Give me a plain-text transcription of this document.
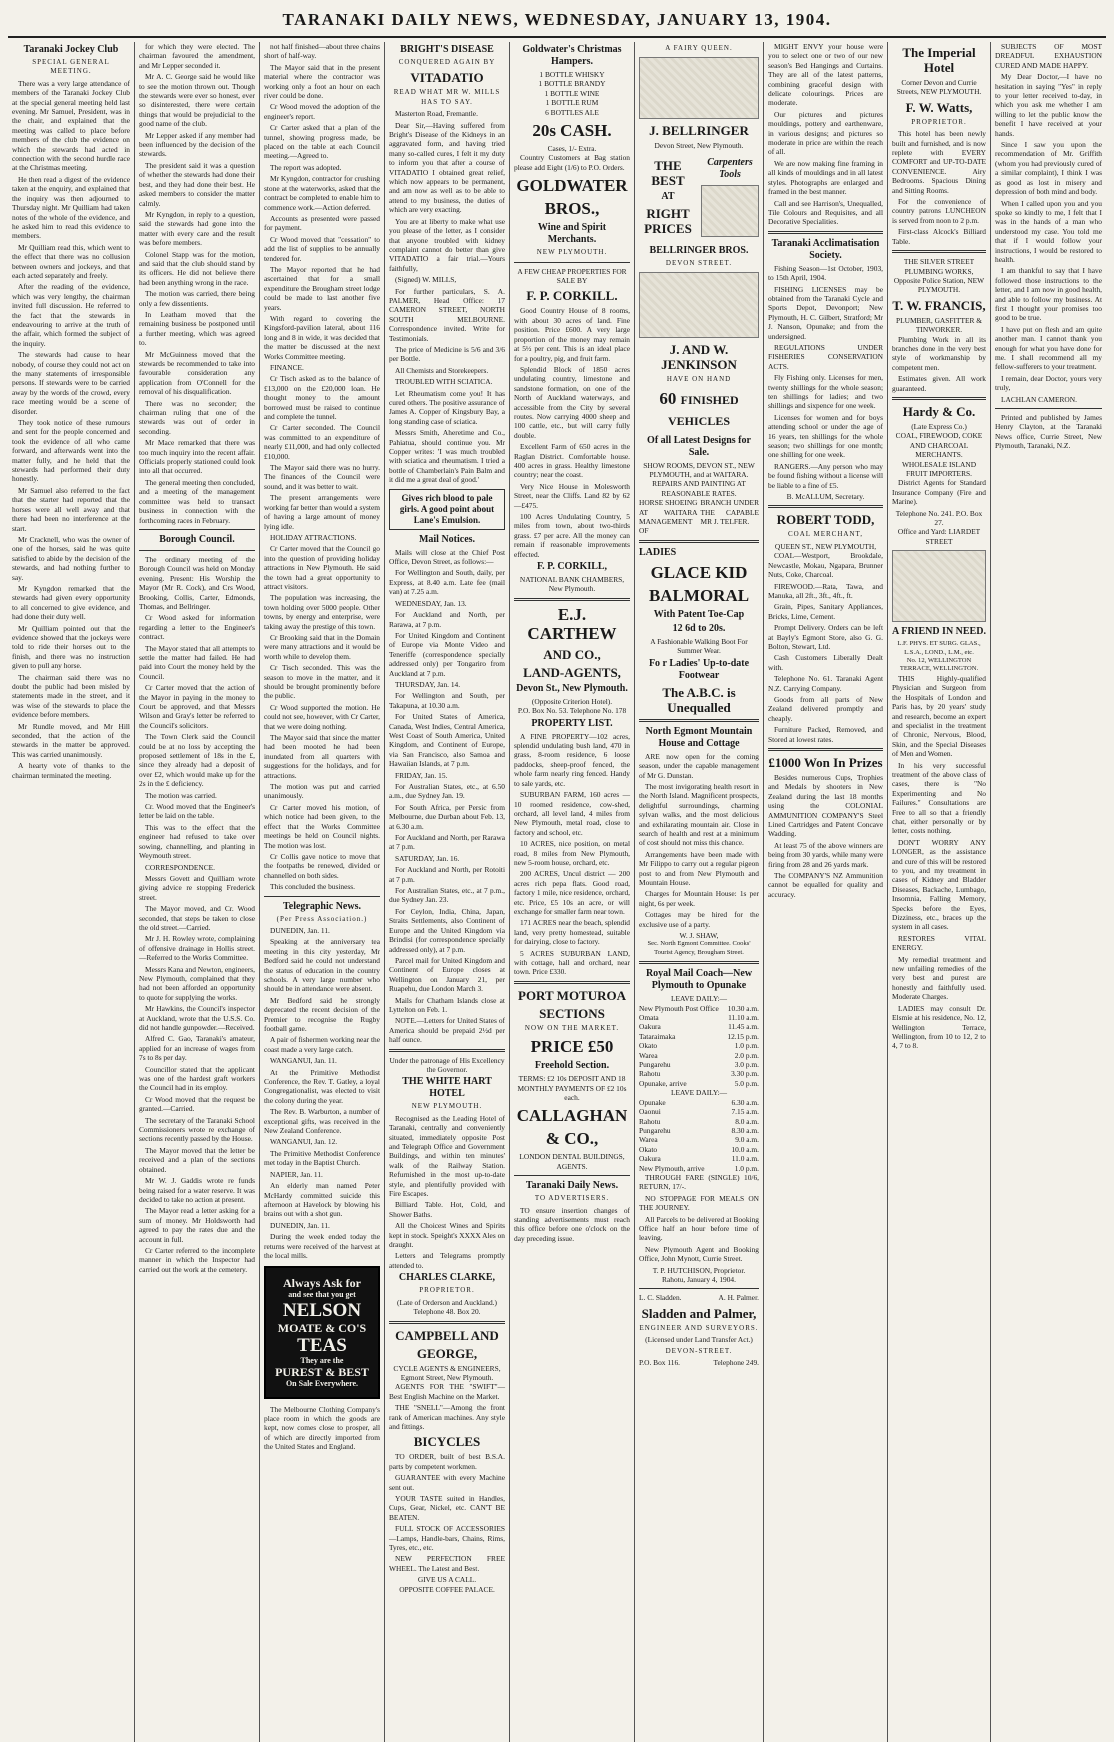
TARANAKI DAILY NEWS, WEDNESDAY, JANUARY 13, 1904.
Taranaki Jockey Club
SPECIAL GENERAL MEETING.

There was a very large attendance of members of the Taranaki Jockey Club at the special general meeting held last evening. Mr Samuel, President, was in the chair, and explained that the meeting was called to place before members of the club the evidence on which the stewards had acted in connection with the second hurdle race at the Christmas meeting.

He then read a digest of the evidence taken at the enquiry, and explained that the inquiry was then adjourned to Thursday night. Mr Quilliam had taken notes of the whole of the evidence, and he asked him to read this evidence to members.

Mr Quilliam read this, which went to the effect that there was no collusion between owners and jockeys, and that each acted separately and freely.

After the reading of the evidence, which was very lengthy, the chairman invited full discussion. He referred to the fact that the stewards in endeavouring to arrive at the truth of the affair, which formed the subject of the inquiry.

The stewards had cause to hear nobody, of course they could not act on the many statements of irresponsible persons. If stewards were to be carried away by the words of the crowd, every race meeting would be a scene of disorder.

They took notice of these rumours and sent for the people concerned and took the evidence of all who came forward, and afterwards went into the matter fully, and he held that the stewards had performed their duty honestly.

Mr Samuel also referred to the fact that the starter had reported that the horses were all well away and that there had been no interference at the start.

Mr Cracknell, who was the owner of one of the horses, said he was quite satisfied to abide by the decision of the stewards, and had nothing further to say.

Mr Kyngdon remarked that the stewards had given every opportunity to all concerned to give evidence, and had done their duty well.

Mr Quilliam pointed out that the evidence showed that the jockeys were told to ride their horses out to the finish, and there was no instruction given to pull any horse.

The chairman said there was no doubt the public had been misled by statements made in the street, and it was wise of the stewards to place the evidence before members.

Mr Rundle moved, and Mr Hill seconded, that the action of the stewards in the matter be approved. This was carried unanimously.

A hearty vote of thanks to the chairman terminated the meeting.

for which they were elected. The chairman favoured the amendment, and Mr Lepper seconded it.

Mr A. C. George said he would like to see the motion thrown out. Though the stewards were ever so honest, ever so disinterested, there were certain things that would be prejudicial to the good name of the club.

Mr Lepper asked if any member had been influenced by the decision of the stewards.

The president said it was a question of whether the stewards had done their best, and they had done their best. He asked members to consider the matter calmly.

Mr Kyngdon, in reply to a question, said the stewards had gone into the matter with every care and the result was before members.

Colonel Stapp was for the motion, and said that the club should stand by its officers. He did not believe there had been anything wrong in the race.

The motion was carried, there being only a few dissentients.

In Leatham moved that the remaining business be postponed until a further meeting, which was agreed to.

Mr McGuinness moved that the stewards be recommended to take into favourable consideration any application from O'Connell for the removal of his disqualification.

There was no seconder; the chairman ruling that one of the stewards was out of order in seconding.

Mr Mace remarked that there was too much inquiry into the recent affair. Officials properly stationed could look into all that occurred.

The general meeting then concluded, and a meeting of the management committee was held to transact business in connection with the forthcoming races in February.

Borough Council.

The ordinary meeting of the Borough Council was held on Monday evening. Present: His Worship the Mayor (Mr R. Cock), and Crs Wood, Brooking, Collis, Carter, Edmonds, Thomas, and Bellringer.

Cr Wood asked for information regarding a letter to the Engineer's contract.

The Mayor stated that all attempts to settle the matter had failed. He had paid into Court the money held by the Council.

Cr Carter moved that the action of the Mayor in paying in the money to Court be approved, and that Messrs Wilson and Gray's letter be referred to the Council's solicitors.

The Town Clerk said the Council could be at no loss by accepting the proposed settlement of 18s in the £, since they already had a deposit of over £2, which would make up for the 2s in the £ deficiency.

The motion was carried.

Cr. Wood moved that the Engineer's letter be laid on the table.

This was to the effect that the engineer had refused to take over sowing, channelling, and planting in Weymouth street.

CORRESPONDENCE.

Messrs Govett and Quilliam wrote giving advice re stopping Frederick street.

The Mayor moved, and Cr. Wood seconded, that steps be taken to close the old street.—Carried.

Mr J. H. Rowley wrote, complaining of offensive drainage in Hollis street.—Referred to the Works Committee.

Messrs Kana and Newton, engineers, New Plymouth, complained that they had not been afforded an opportunity to quote for supplying the works.

Mr Hawkins, the Council's inspector at Auckland, wrote that the U.S.S. Co. did not handle gunpowder.—Received.

Alfred C. Gao, Taranaki's amateur, applied for an increase of wages from 7s to 8s per day.

Councillor stated that the applicant was one of the hardest graft workers the Council had in its employ.

Cr Wood moved that the request be granted.—Carried.

The secretary of the Taranaki School Commissioners wrote re exchange of sections recently passed by the House.

The Mayor moved that the letter be received and a plan of the sections obtained.

Mr W. J. Gaddis wrote re funds being raised for a water reserve. It was decided to take no action at present.

The Mayor read a letter asking for a sum of money. Mr Holdsworth had agreed to pay the rates due and the account in full.

Cr Carter referred to the incomplete manner in which the Inspector had carried out the work at the cemetery.

not half finished—about three chains short of half-way.

The Mayor said that in the present material where the contractor was working only a foot an hour on each river could be done.

Cr Wood moved the adoption of the engineer's report.

Cr Carter asked that a plan of the tunnel, showing progress made, be placed on the table at each Council meeting.—Agreed to.

The report was adopted.

Mr Kyngdon, contractor for crushing stone at the waterworks, asked that the contract be completed to enable him to commence work.—Action deferred.

Accounts as presented were passed for payment.

Cr Wood moved that "cessation" to add the list of supplies to be annually tendered for.

The Mayor reported that he had ascertained that for a small expenditure the Brougham street lodge could be made to last another five years.

With regard to covering the Kingsford-pavilion lateral, about 116 long and 8 in wide, it was decided that the matter be discussed at the next Works Committee meeting.

FINANCE.

Cr Tisch asked as to the balance of £13,000 on the £20,000 loan. He thought money to the amount borrowed must be raised to continue and complete the tunnel.

Cr Carter seconded. The Council was committed to an expenditure of nearly £11,000, and had only collected £10,000.

The Mayor said there was no hurry. The finances of the Council were sound, and it was better to wait.

The present arrangements were working far better than would a system of having a large amount of money lying idle.

HOLIDAY ATTRACTIONS.

Cr Carter moved that the Council go into the question of providing holiday attractions in New Plymouth. He said the town had a great opportunity to attract visitors.

The population was increasing, the town holding over 5000 people. Other towns, by energy and enterprise, were taking away the prestige of this town.

Cr Brooking said that in the Domain were many attractions and it would be worth while to develop them.

Cr Tisch seconded. This was the season to move in the matter, and it should be brought prominently before the public.

Cr Wood supported the motion. He could not see, however, with Cr Carter, that we were doing nothing.

The Mayor said that since the matter had been mooted he had been inundated from all quarters with suggestions for the holidays, and for attractions.

The motion was put and carried unanimously.

Cr Carter moved his motion, of which notice had been given, to the effect that the Works Committee meetings be held on Council nights. The motion was lost.

Cr Collis gave notice to move that the footpaths be renewed, divided or channelled on both sides.

This concluded the business.

Telegraphic News.
(Per Press Association.)

DUNEDIN, Jan. 11.

Speaking at the anniversary tea meeting in this city yesterday, Mr Bedford said he could not understand the status of education in the country schools. A very large number who should be in attendance were absent.

Mr Bedford said he strongly deprecated the recent decision of the Premier to recognise the Rugby football game.

A pair of fishermen working near the coast made a very large catch.

WANGANUI, Jan. 11.

At the Primitive Methodist Conference, the Rev. T. Gatley, a loyal Congregationalist, was elected to visit the colony during the year.

The Rev. B. Warburton, a number of exceptional gifts, was received in the New Zealand Conference.

WANGANUI, Jan. 12.

The Primitive Methodist Conference met today in the Baptist Church.

NAPIER, Jan. 11.

An elderly man named Peter McHardy committed suicide this afternoon at Havelock by blowing his brains out with a shot gun.

DUNEDIN, Jan. 11.

During the week ended today the returns were received of the harvest at the local mills.

Always Ask for
and see that you get
NELSON
MOATE & CO'S
TEAS
They are the
PUREST & BEST
On Sale Everywhere.

The Melbourne Clothing Company's place room in which the goods are kept, now comes close to prosper, all of which are directly imported from the United States and England.

BRIGHT'S DISEASE
CONQUERED AGAIN BY
VITADATIO
READ WHAT MR W. MILLS HAS TO SAY.

Masterton Road, Fremantle.

Dear Sir,—Having suffered from Bright's Disease of the Kidneys in an aggravated form, and having tried many so-called cures, I felt it my duty to inform you that after a course of VITADATIO I obtained great relief, which now appears to be permanent, and am now as well as to be able to attend to my business, the duties of which are very exacting.

You are at liberty to make what use you please of the letter, as I consider that anyone troubled with kidney complaint cannot do better than give VITADATIO a fair trial.—Yours faithfully,

(Signed) W. MILLS,

For further particulars, S. A. PALMER, Head Office: 17 CAMERON STREET, NORTH SOUTH MELBOURNE. Correspondence invited. Write for Testimonials.

The price of Medicine is 5/6 and 3/6 per Bottle.

All Chemists and Storekeepers.

TROUBLED WITH SCIATICA.

Let Rheumatism come you! It has cured others. The positive assurance of James A. Copper of Kingsbury Bay, a long standing case of sciatica.

Messrs Smith, Aheretime and Co., Pahiatua, should continue you. Mr Copper writes: 'I was much troubled with sciatica and rheumatism. I tried a bottle of Chamberlain's Pain Balm and it did me a great deal of good.'

Gives rich blood to pale girls. A good point about Lane's Emulsion.
Mail Notices.

Mails will close at the Chief Post Office, Devon Street, as follows:—

For Wellington and South, daily, per Express, at 8.40 a.m. Late fee (mail van) at 7.25 a.m.

WEDNESDAY, Jan. 13.

For Auckland and North, per Rarawa, at 7 p.m.

For United Kingdom and Continent of Europe via Monte Video and Teneriffe (correspondence specially addressed only) per Tongariro from Auckland at 7 p.m.

THURSDAY, Jan. 14.

For Wellington and South, per Takapuna, at 10.30 a.m.

For United States of America, Canada, West Indies, Central America, West Coast of South America, United Kingdom, and Continent of Europe, via San Francisco, also Samoa and Hawaiian Islands, at 7 p.m.

FRIDAY, Jan. 15.

For Australian States, etc., at 6.50 a.m., due Sydney Jan. 19.

For South Africa, per Persic from Melbourne, due Durban about Feb. 13, at 6.30 a.m.

For Auckland and North, per Rarawa at 7 p.m.

SATURDAY, Jan. 16.

For Auckland and North, per Rotoiti at 7 p.m.

For Australian States, etc., at 7 p.m., due Sydney Jan. 23.

For Ceylon, India, China, Japan, Straits Settlements, also Continent of Europe and the United Kingdom via Brindisi (for correspondence specially addressed only), at 7 p.m.

Parcel mail for United Kingdom and Continent of Europe closes at Wellington on January 21, per Ruapehu, due London March 3.

Mails for Chatham Islands close at Lyttelton on Feb. 1.

NOTE.—Letters for United States of America should be prepaid 2½d per half ounce.

Under the patronage of His Excellency the Governor.
THE WHITE HART HOTEL
NEW PLYMOUTH.

Recognised as the Leading Hotel of Taranaki, centrally and conveniently situated, immediately opposite Post and Telegraph Office and Government Buildings, and within ten minutes' walk of the Railway Station. Refurnished in the most up-to-date style, and plentifully provided with Fire Escapes.

Billiard Table. Hot, Cold, and Shower Baths.

All the Choicest Wines and Spirits kept in stock. Speight's XXXX Ales on draught.

Letters and Telegrams promptly attended to.

CHARLES CLARKE,
PROPRIETOR.
(Late of Orderson and Auckland.)
Telephone 48. Box 20.
CAMPBELL AND
GEORGE,
CYCLE AGENTS & ENGINEERS, Egmont Street, New Plymouth.

AGENTS FOR THE "SWIFT"—Best English Machine on the Market.

THE "SNELL"—Among the front rank of American machines. Any style and fittings.

BICYCLES

TO ORDER, built of best B.S.A. parts by competent workmen.

GUARANTEE with every Machine sent out.

YOUR TASTE suited in Handles, Cups, Gear, Nickel, etc. CAN'T BE BEATEN.

FULL STOCK OF ACCESSORIES—Lamps, Handle-bars, Chains, Rims, Tyres, etc., etc.

NEW PERFECTION FREE WHEEL. The Latest and Best.

GIVE US A CALL.
OPPOSITE COFFEE PALACE.
Goldwater's Christmas Hampers.
1 BOTTLE WHISKY
1 BOTTLE BRANDY
1 BOTTLE WINE
1 BOTTLE RUM
6 BOTTLES ALE
20s CASH.
Cases, 1/- Extra.

Country Customers at Bag station please add Eight (1/6) to P.O. Orders.

GOLDWATER
BROS.,
Wine and Spirit Merchants.
NEW PLYMOUTH.
A FEW CHEAP PROPERTIES FOR SALE BY
F. P. CORKILL.

Good Country House of 8 rooms, with about 30 acres of land. Fine position. Price £600. A very large proportion of the money may remain at 5½ per cent. This is an ideal place for a poultry, pig, and fruit farm.

Splendid Block of 1850 acres undulating country, limestone and sandstone formation, on one of the North of Auckland waterways, and accessible from the City by several routes. Now carrying 4000 sheep and 100 cattle, etc., but will carry fully double.

Excellent Farm of 650 acres in the Raglan District. Comfortable house. 400 acres in grass. Healthy limestone country; near the coast.

Very Nice House in Molesworth Street, near the Cliffs. Land 82 by 62—£475.

100 Acres Undulating Country, 5 miles from town, about two-thirds grass. £7 per acre. All the money can remain if reasonable improvements effected.

F. P. CORKILL,
NATIONAL BANK CHAMBERS, New Plymouth.
E.J. CARTHEW
AND CO.,
LAND-AGENTS,
Devon St., New Plymouth.
(Opposite Criterion Hotel).
P.O. Box No. 53. Telephone No. 178
PROPERTY LIST.

A FINE PROPERTY—102 acres, splendid undulating bush land, 470 in grass, 8-room residence, 6 loose paddocks, sheep-proof fenced, the whole farm nearly ring fenced. Handy to sale yards, etc.

SUBURBAN FARM, 160 acres — 10 roomed residence, cow-shed, orchard, all level land, 4 miles from New Plymouth, metal road, close to factory and school, etc.

10 ACRES, nice position, on metal road, 8 miles from New Plymouth, new 5-room house, orchard, etc.

200 ACRES, Uncul district — 200 acres rich pepa flats. Good road, factory 1 mile, nice residence, orchard, etc. Price, £5 10s an acre, or will exchange for smaller farm near town.

171 ACRES near the beach, splendid land, very pretty homestead, suitable for dairying, close to factory.

5 ACRES SUBURBAN LAND, with cottage, hall and orchard, near town. Price £330.

PORT MOTUROA
SECTIONS
NOW ON THE MARKET.
PRICE £50
Freehold Section.
TERMS: £2 10s DEPOSIT AND 18 MONTHLY PAYMENTS OF £2 10s each.
CALLAGHAN
& CO.,
LONDON DENTAL BUILDINGS, AGENTS.
Taranaki Daily News.
TO ADVERTISERS.

TO ensure insertion changes of standing advertisements must reach this office before one o'clock on the day preceding issue.

A FAIRY QUEEN.
J. BELLRINGER
Devon Street, New Plymouth.
THE BEST
AT
RIGHT PRICES
Carpenters Tools
BELLRINGER BROS.
DEVON STREET.
J. AND W. JENKINSON
HAVE ON HAND
60 FINISHED VEHICLES
Of all Latest Designs for Sale.
SHOW ROOMS, DEVON ST., NEW PLYMOUTH, and at WAITARA.
REPAIRS AND PAINTING AT REASONABLE RATES.
HORSE SHOEING AT WAITARA MANAGEMENT OF
BRANCH UNDER THE CAPABLE MR J. TELFER.
LADIES
GLACE KID
BALMORAL
With Patent Toe-Cap
12 6d to 20s.
A Fashionable Walking Boot For Summer Wear.
Fo r Ladies' Up-to-date Footwear
The A.B.C. is Unequalled
North Egmont Mountain House and Cottage

ARE now open for the coming season, under the capable management of Mr G. Dunstan.

The most invigorating health resort in the North Island. Magnificent prospects, delightful surroundings, charming sylvan walks, and the most delicious and exhilarating mountain air. Close in search of health and rest at a minimum of cost should not miss this chance.

Arrangements have been made with Mr Filippo to carry out a regular pigeon post to and from New Plymouth and Mountain House.

Charges for Mountain House: 1s per night, 6s per week.

Cottages may be hired for the exclusive use of a party.

W. J. SHAW,
Sec. North Egmont Committee. Cooks' Tourist Agency, Brougham Street.
Royal Mail Coach—New Plymouth to Opunake
LEAVE DAILY:—
New Plymouth Post Office 10.30 a.m.
Omata	11.10 a.m.
Oakura	11.45 a.m.
Tataraimaka	12.15 p.m.
Okato	1.0 p.m.
Warea	2.0 p.m.
Pungarehu	3.0 p.m.
Rahotu	3.30 p.m.
Opunake, arrive	5.0 p.m.
LEAVE DAILY:—
Opunake	6.30 a.m.
Oaonui	7.15 a.m.
Rahotu	8.0 a.m.
Pungarehu	8.30 a.m.
Warea	9.0 a.m.
Okato	10.0 a.m.
Oakura	11.0 a.m.
New Plymouth, arrive	1.0 p.m.

THROUGH FARE (SINGLE) 10/6, RETURN, 17/-.

NO STOPPAGE FOR MEALS ON THE JOURNEY.

All Parcels to be delivered at Booking Office half an hour before time of leaving.

New Plymouth Agent and Booking Office, John Mynott, Currie Street.

T. P. HUTCHISON, Proprietor.
Rahotu, January 4, 1904.
L. C. Sladden.	A. H. Palmer.
Sladden and Palmer,
ENGINEER AND SURVEYORS.
(Licensed under Land Transfer Act.)
DEVON-STREET.
P.O. Box 116.	Telephone 249.

MIGHT ENVY your house were you to select one or two of our new season's Bed Hangings and Curtains. They are all of the latest patterns, combining graceful design with delicate colourings. Prices are moderate.

Our pictures and pictures mouldings, pottery and earthenware, in various designs; and pictures so moderate in price are within the reach of all.

We are now making fine framing in all kinds of mouldings and in all latest styles. Photographs are enlarged and framed in the best manner.

Call and see Harrison's, Unequalled, Tile Colours and Requisites, and all Decorative Specialities.

Taranaki Acclimatisation Society.

Fishing Season—1st October, 1903, to 15th April, 1904.

FISHING LICENSES may be obtained from the Taranaki Cycle and Sports Depot, Devonport; New Plymouth, H. C. Gilbert, Stratford; Mr J. Nanson, Opunake; and from the undersigned.

REGULATIONS UNDER FISHERIES CONSERVATION ACTS.

Fly Fishing only. Licenses for men, twenty shillings for the whole season; ten shillings for ladies; and two shillings and sixpence for one week.

Licenses for women and for boys attending school or under the age of 16 years, ten shillings for the whole season; two shillings for one month; one shilling for one week.

RANGERS.—Any person who may be found fishing without a license will be liable to a fine of £5.

B. McALLUM, Secretary.
ROBERT TODD,
COAL MERCHANT,
QUEEN ST., NEW PLYMOUTH,

COAL—Westport, Brookdale, Newcastle, Mokau, Ngapara, Brunner Nuts, Coke, Charcoal.

FIREWOOD.—Rata, Tawa, and Manuka, all 2ft., 3ft., 4ft., ft.

Grain, Pipes, Sanitary Appliances, Bricks, Lime, Cement.

Prompt Delivery. Orders can be left at Bayly's Egmont Store, also G. G. Bolton, Stewart, Ltd.

Cash Customers Liberally Dealt with.

Telephone No. 61. Taranaki Agent N.Z. Carrying Company.

Goods from all parts of New Zealand delivered promptly and cheaply.

Furniture Packed, Removed, and Stored at lowest rates.

£1000 Won In Prizes

Besides numerous Cups, Trophies and Medals by shooters in New Zealand during the last 18 months using the COLONIAL AMMUNITION COMPANY'S Steel Lined Cartridges and Patent Concave Wadding.

At least 75 of the above winners are being from 30 yards, while many were firing from 28 and 26 yards mark.

The COMPANY'S NZ Ammunition cannot be equalled for quality and accuracy.

The Imperial Hotel
Corner Devon and Currie Streets, NEW PLYMOUTH.
F. W. Watts,
PROPRIETOR.

This hotel has been newly built and furnished, and is now replete with EVERY COMFORT and UP-TO-DATE CONVENIENCE. Airy Bedrooms. Spacious Dining and Sitting Rooms.

For the convenience of country patrons LUNCHEON is served from noon to 2 p.m.

First-class Alcock's Billiard Table.

THE SILVER STREET PLUMBING WORKS,
Opposite Police Station, NEW PLYMOUTH.
T. W. FRANCIS,
PLUMBER, GASFITTER & TINWORKER.

Plumbing Work in all its branches done in the very best style of workmanship by competent men.

Estimates given. All work guaranteed.

Hardy & Co.
(Late Express Co.)
COAL, FIREWOOD, COKE AND CHARCOAL MERCHANTS.
WHOLESALE ISLAND FRUIT IMPORTERS.

District Agents for Standard Insurance Company (Fire and Marine).

Telephone No. 241. P.O. Box 27.
Office and Yard: LIARDET STREET
A FRIEND IN NEED.
L.F. PHYS. ET SURG. GLAS., L.S.A., LOND., L.M., etc.
No. 12, WELLINGTON TERRACE, WELLINGTON.

THIS Highly-qualified Physician and Surgeon from the Hospitals of London and Paris has, by 20 years' study and research, become an expert and specialist in the treatment of Chronic, Nervous, Blood, Skin, and the Special Diseases of Men and Women.

In his very successful treatment of the above class of cases, there is "No Experimenting and No Failures." Consultations are Free to all so that a friendly chat, either personally or by letter, costs nothing.

DON'T WORRY ANY LONGER, as the assistance and cure of this will be restored to you, and my treatment in cases of Kidney and Bladder Diseases, Backache, Lumbago, Insomnia, Falling Memory, Specks before the Eyes, Dizziness, etc., braces up the system in all cases.

RESTORES VITAL ENERGY.

My remedial treatment and new unfailing remedies of the very best and purest are honestly and faithfully used. Moderate Charges.

LADIES may consult Dr. Elsmie at his residence, No. 12, Wellington Terrace, Wellington, from 10 to 12, 2 to 4, 7 to 8.

SUBJECTS OF MOST DREADFUL EXHAUSTION CURED AND MADE HAPPY.

My Dear Doctor,—I have no hesitation in saying "Yes" in reply to your letter received to-day, in which you ask me whether I am willing to let the public know the benefit I have received at your hands.

Since I saw you upon the recommendation of Mr. Griffith (whom you had previously cured of a similar complaint), I think I was as good as lost in misery and depression of both mind and body.

When I called upon you and you spoke so kindly to me, I felt that I was in the hands of a man who understood my case. You told me that if I would follow your instructions, I would be restored to health.

I am thankful to say that I have followed those instructions to the letter, and I am now in good health, and able to follow my business. At first I thought your promises too good to be true.

I have put on flesh and am quite another man. I cannot thank you enough for what you have done for me. I shall recommend all my fellow-sufferers to your treatment.

I remain, dear Doctor, yours very truly,

LACHLAN CAMERON.

Printed and published by James Henry Clayton, at the Taranaki News office, Currie Street, New Plymouth, Taranaki, N.Z.
